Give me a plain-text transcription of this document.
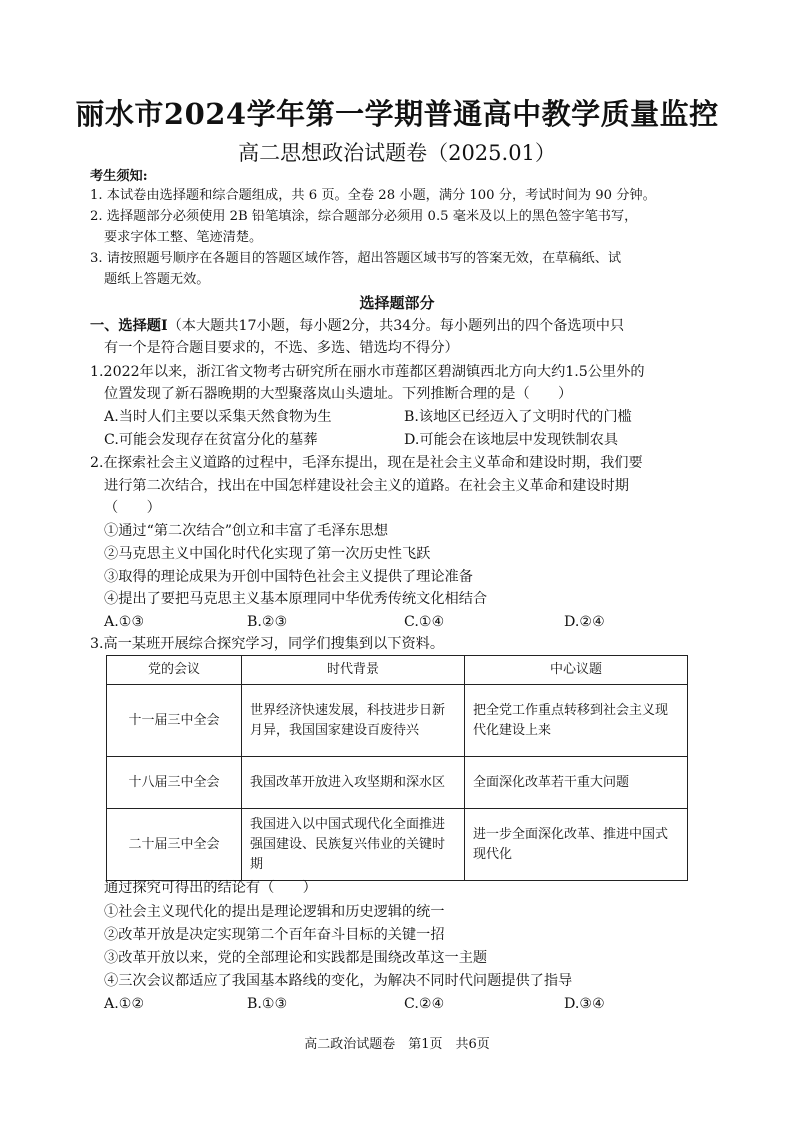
丽水市2024学年第一学期普通高中教学质量监控
高二思想政治试题卷（2025.01）
考生须知:
1. 本试卷由选择题和综合题组成，共 6 页。全卷 28 小题，满分 100 分，考试时间为 90 分钟。
2. 选择题部分必须使用 2B 铅笔填涂，综合题部分必须用 0.5 毫米及以上的黑色签字笔书写，
要求字体工整、笔迹清楚。
3. 请按照题号顺序在各题目的答题区域作答，超出答题区域书写的答案无效，在草稿纸、试
题纸上答题无效。
选择题部分
一、选择题Ⅰ（本大题共17小题，每小题2分，共34分。每小题列出的四个备选项中只
有一个是符合题目要求的，不选、多选、错选均不得分）
1.2022年以来，浙江省文物考古研究所在丽水市莲都区碧湖镇西北方向大约1.5公里外的
位置发现了新石器晚期的大型聚落岚山头遗址。下列推断合理的是（　　）
A.当时人们主要以采集天然食物为生	B.该地区已经迈入了文明时代的门槛
C.可能会发现存在贫富分化的墓葬	D.可能会在该地层中发现铁制农具
2.在探索社会主义道路的过程中，毛泽东提出，现在是社会主义革命和建设时期，我们要
进行第二次结合，找出在中国怎样建设社会主义的道路。在社会主义革命和建设时期
（　　）
①通过“第二次结合”创立和丰富了毛泽东思想
②马克思主义中国化时代化实现了第一次历史性飞跃
③取得的理论成果为开创中国特色社会主义提供了理论准备
④提出了要把马克思主义基本原理同中华优秀传统文化相结合
A.①③	B.②③	C.①④	D.②④
3.高一某班开展综合探究学习，同学们搜集到以下资料。
党的会议	时代背景	中心议题
十一届三中全会	世界经济快速发展，科技进步日新月异，我国国家建设百废待兴	把全党工作重点转移到社会主义现代化建设上来
十八届三中全会	我国改革开放进入攻坚期和深水区	全面深化改革若干重大问题
二十届三中全会	我国进入以中国式现代化全面推进强国建设、民族复兴伟业的关键时期	进一步全面深化改革、推进中国式现代化
通过探究可得出的结论有（　　）
①社会主义现代化的提出是理论逻辑和历史逻辑的统一
②改革开放是决定实现第二个百年奋斗目标的关键一招
③改革开放以来，党的全部理论和实践都是围绕改革这一主题
④三次会议都适应了我国基本路线的变化，为解决不同时代问题提供了指导
A.①②	B.①③	C.②④	D.③④
高二政治试题卷　第1页　共6页
